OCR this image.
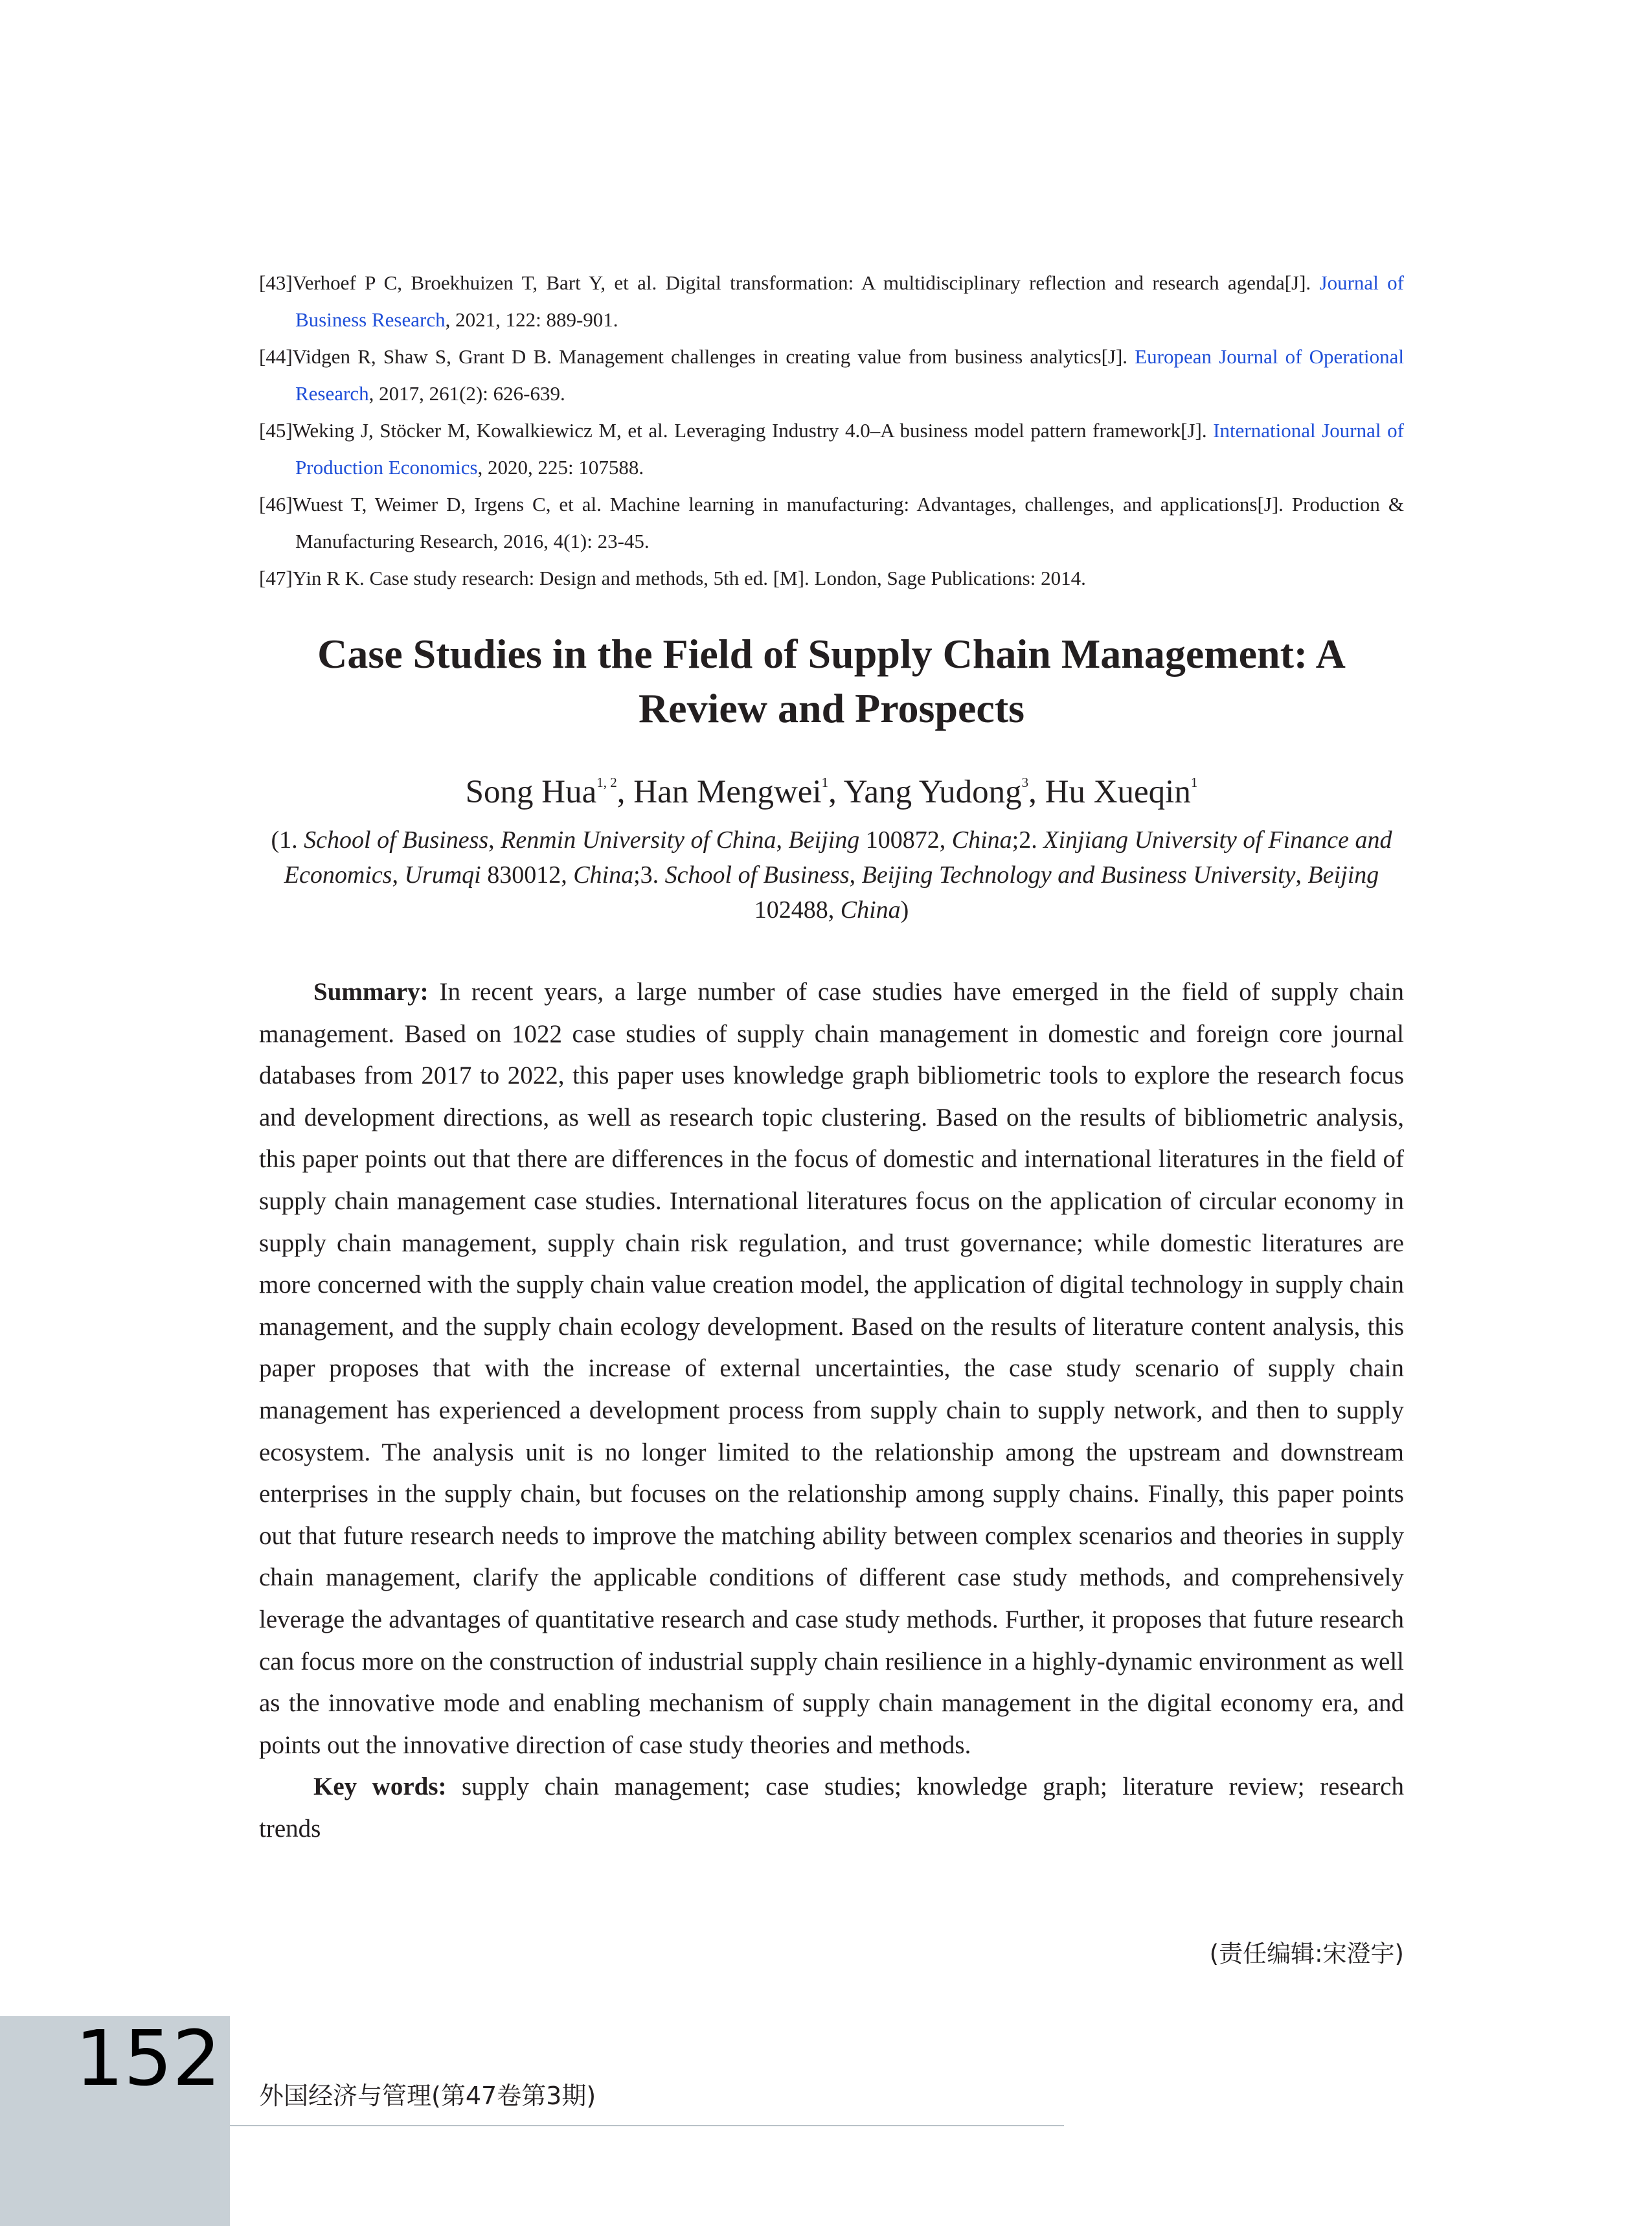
[43]Verhoef P C, Broekhuizen T, Bart Y, et al. Digital transformation: A multidisciplinary reflection and research agenda[J]. Journal of Business Research, 2021, 122: 889-901.
[44]Vidgen R, Shaw S, Grant D B. Management challenges in creating value from business analytics[J]. European Journal of Operational Research, 2017, 261(2): 626-639.
[45]Weking J, Stöcker M, Kowalkiewicz M, et al. Leveraging Industry 4.0–A business model pattern framework[J]. International Journal of Production Economics, 2020, 225: 107588.
[46]Wuest T, Weimer D, Irgens C, et al. Machine learning in manufacturing: Advantages, challenges, and applications[J]. Production & Manufacturing Research, 2016, 4(1): 23-45.
[47]Yin R K. Case study research: Design and methods, 5th ed. [M]. London, Sage Publications: 2014.
Case Studies in the Field of Supply Chain Management: A
Review and Prospects
Song Hua$^{1, 2}$, Han Mengwei$^1$, Yang Yudong$^3$, Hu Xueqin$^1$
(1. School of Business, Renmin University of China, Beijing 100872, China;2. Xinjiang University of Finance and Economics, Urumqi 830012, China;3. School of Business, Beijing Technology and Business University, Beijing 102488, China)

Summary: In recent years, a large number of case studies have emerged in the field of supply chain management. Based on 1022 case studies of supply chain management in domestic and foreign core journal databases from 2017 to 2022, this paper uses knowledge graph bibliometric tools to explore the research focus and development directions, as well as research topic clustering. Based on the results of bibliometric analysis, this paper points out that there are differences in the focus of domestic and international literatures in the field of supply chain management case studies. International literatures focus on the application of circular economy in supply chain management, supply chain risk regulation, and trust governance; while domestic literatures are more concerned with the supply chain value creation model, the application of digital technology in supply chain management, and the supply chain ecology development. Based on the results of literature content analysis, this paper proposes that with the increase of external uncertainties, the case study scenario of supply chain management has experienced a development process from supply chain to supply network, and then to supply ecosystem. The analysis unit is no longer limited to the relationship among the upstream and downstream enterprises in the supply chain, but focuses on the relationship among supply chains. Finally, this paper points out that future research needs to improve the matching ability between complex scenarios and theories in supply chain management, clarify the applicable conditions of different case study methods, and comprehensively leverage the advantages of quantitative research and case study methods. Further, it proposes that future research can focus more on the construction of industrial supply chain resilience in a highly-dynamic environment as well as the innovative mode and enabling mechanism of supply chain management in the digital economy era, and points out the innovative direction of case study theories and methods.

Key words: supply chain management; case studies; knowledge graph; literature review; research trends

(责任编辑:宋澄宇)
152	外国经济与管理(第47卷第3期)
